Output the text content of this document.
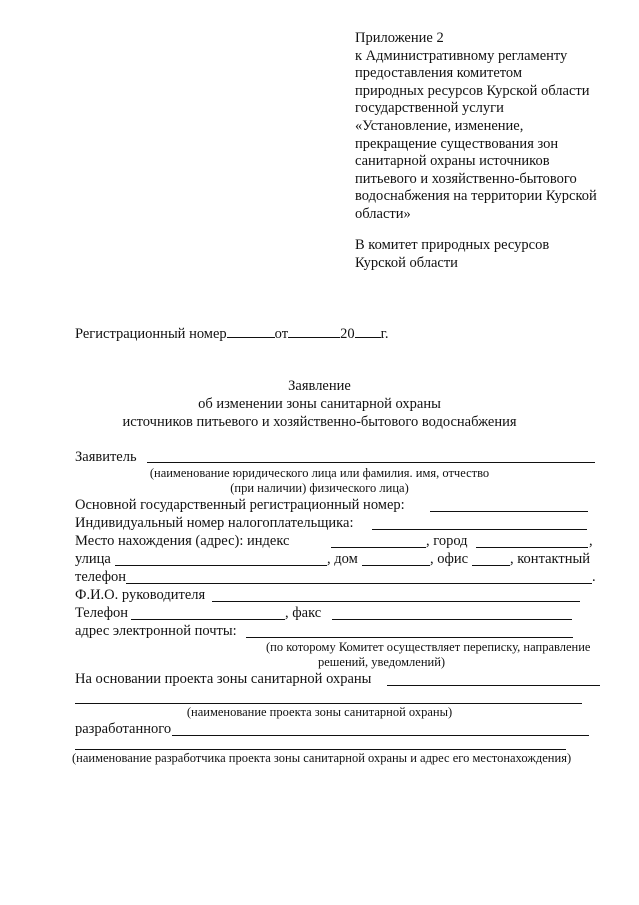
Приложение 2
к Административному регламенту
предоставления комитетом
природных ресурсов Курской области
государственной услуги
«Установление, изменение,
прекращение существования зон
санитарной охраны источников
питьевого и хозяйственно-бытового
водоснабжения на территории Курской
области»
В комитет природных ресурсов
Курской области
Регистрационный номер	от	20 г.
Заявление
об изменении зоны санитарной охраны
источников питьевого и хозяйственно-бытового водоснабжения
Заявитель
(наименование юридического лица или фамилия. имя, отчество
(при наличии) физического лица)
Основной государственный регистрационный номер:
Индивидуальный номер налогоплательщика:
Место нахождения (адрес): индекс	, город	,
улица	, дом	, офис	, контактный
телефон	.
Ф.И.О. руководителя
Телефон	, факс
адрес электронной почты:
(по которому Комитет осуществляет переписку, направление
решений, уведомлений)
На основании проекта зоны санитарной охраны
(наименование проекта зоны санитарной охраны)
разработанного
(наименование разработчика проекта зоны санитарной охраны и адрес его местонахождения)
